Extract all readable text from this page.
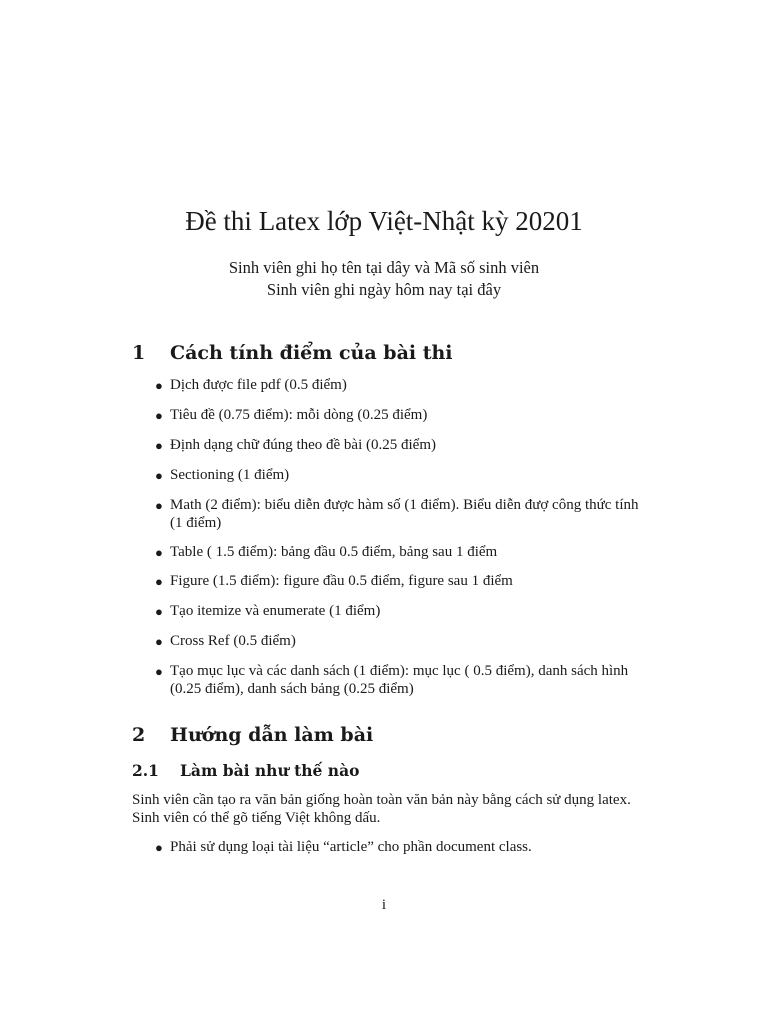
Đề thi Latex lớp Việt-Nhật kỳ 20201
Sinh viên ghi họ tên tại dây và Mã số sinh viên
Sinh viên ghi ngày hôm nay tại đây
1 Cách tính điểm của bài thi
● Dịch được file pdf (0.5 điểm)
● Tiêu đề (0.75 điểm): mỗi dòng (0.25 điểm)
● Định dạng chữ đúng theo đề bài (0.25 điểm)
● Sectioning (1 điểm)
● Math (2 điểm): biểu diễn được hàm số (1 điểm). Biểu diễn đượ công thức tính (1 điểm)
● Table ( 1.5 điểm): bảng đầu 0.5 điểm, bảng sau 1 điểm
● Figure (1.5 điểm): figure đầu 0.5 điểm, figure sau 1 điểm
● Tạo itemize và enumerate (1 điểm)
● Cross Ref (0.5 điểm)
● Tạo mục lục và các danh sách (1 điểm): mục lục ( 0.5 điểm), danh sách hình (0.25 điểm), danh sách bảng (0.25 điểm)
2 Hướng dẫn làm bài
2.1 Làm bài như thế nào
Sinh viên cần tạo ra văn bản giống hoàn toàn văn bản này bằng cách sử dụng latex. Sinh viên có thể gõ tiếng Việt không dấu.
● Phải sử dụng loại tài liệu “article” cho phần document class.
i
